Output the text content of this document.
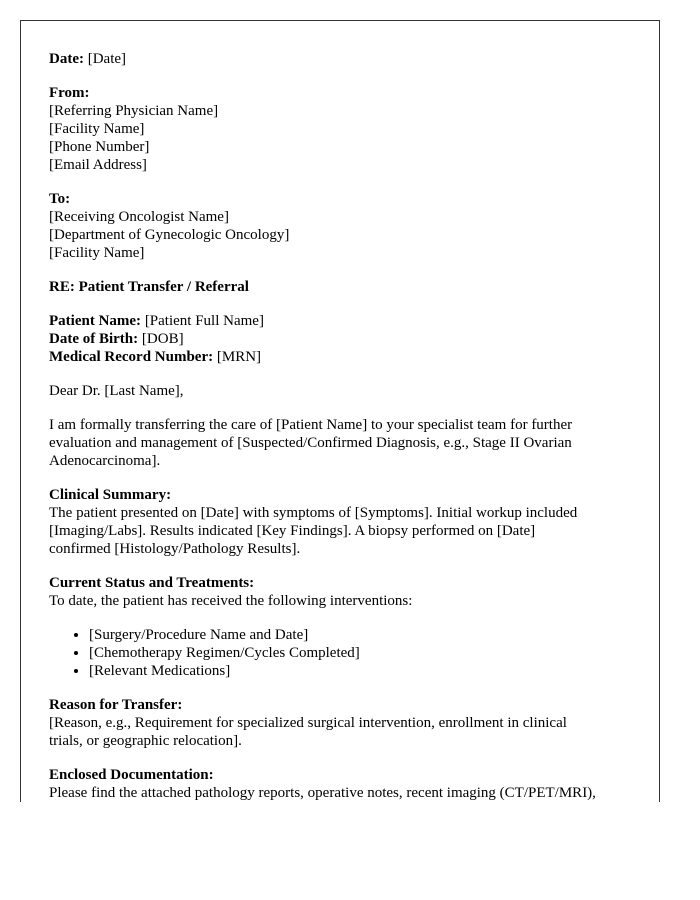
Date: [Date]
From:
[Referring Physician Name]
[Facility Name]
[Phone Number]
[Email Address]
To:
[Receiving Oncologist Name]
[Department of Gynecologic Oncology]
[Facility Name]
RE: Patient Transfer / Referral
Patient Name: [Patient Full Name]
Date of Birth: [DOB]
Medical Record Number: [MRN]
Dear Dr. [Last Name],
I am formally transferring the care of [Patient Name] to your specialist team for further
evaluation and management of [Suspected/Confirmed Diagnosis, e.g., Stage II Ovarian
Adenocarcinoma].
Clinical Summary:
The patient presented on [Date] with symptoms of [Symptoms]. Initial workup included
[Imaging/Labs]. Results indicated [Key Findings]. A biopsy performed on [Date]
confirmed [Histology/Pathology Results].
Current Status and Treatments:
To date, the patient has received the following interventions:
• [Surgery/Procedure Name and Date]
• [Chemotherapy Regimen/Cycles Completed]
• [Relevant Medications]
Reason for Transfer:
[Reason, e.g., Requirement for specialized surgical intervention, enrollment in clinical
trials, or geographic relocation].
Enclosed Documentation:
Please find the attached pathology reports, operative notes, recent imaging (CT/PET/MRI),
